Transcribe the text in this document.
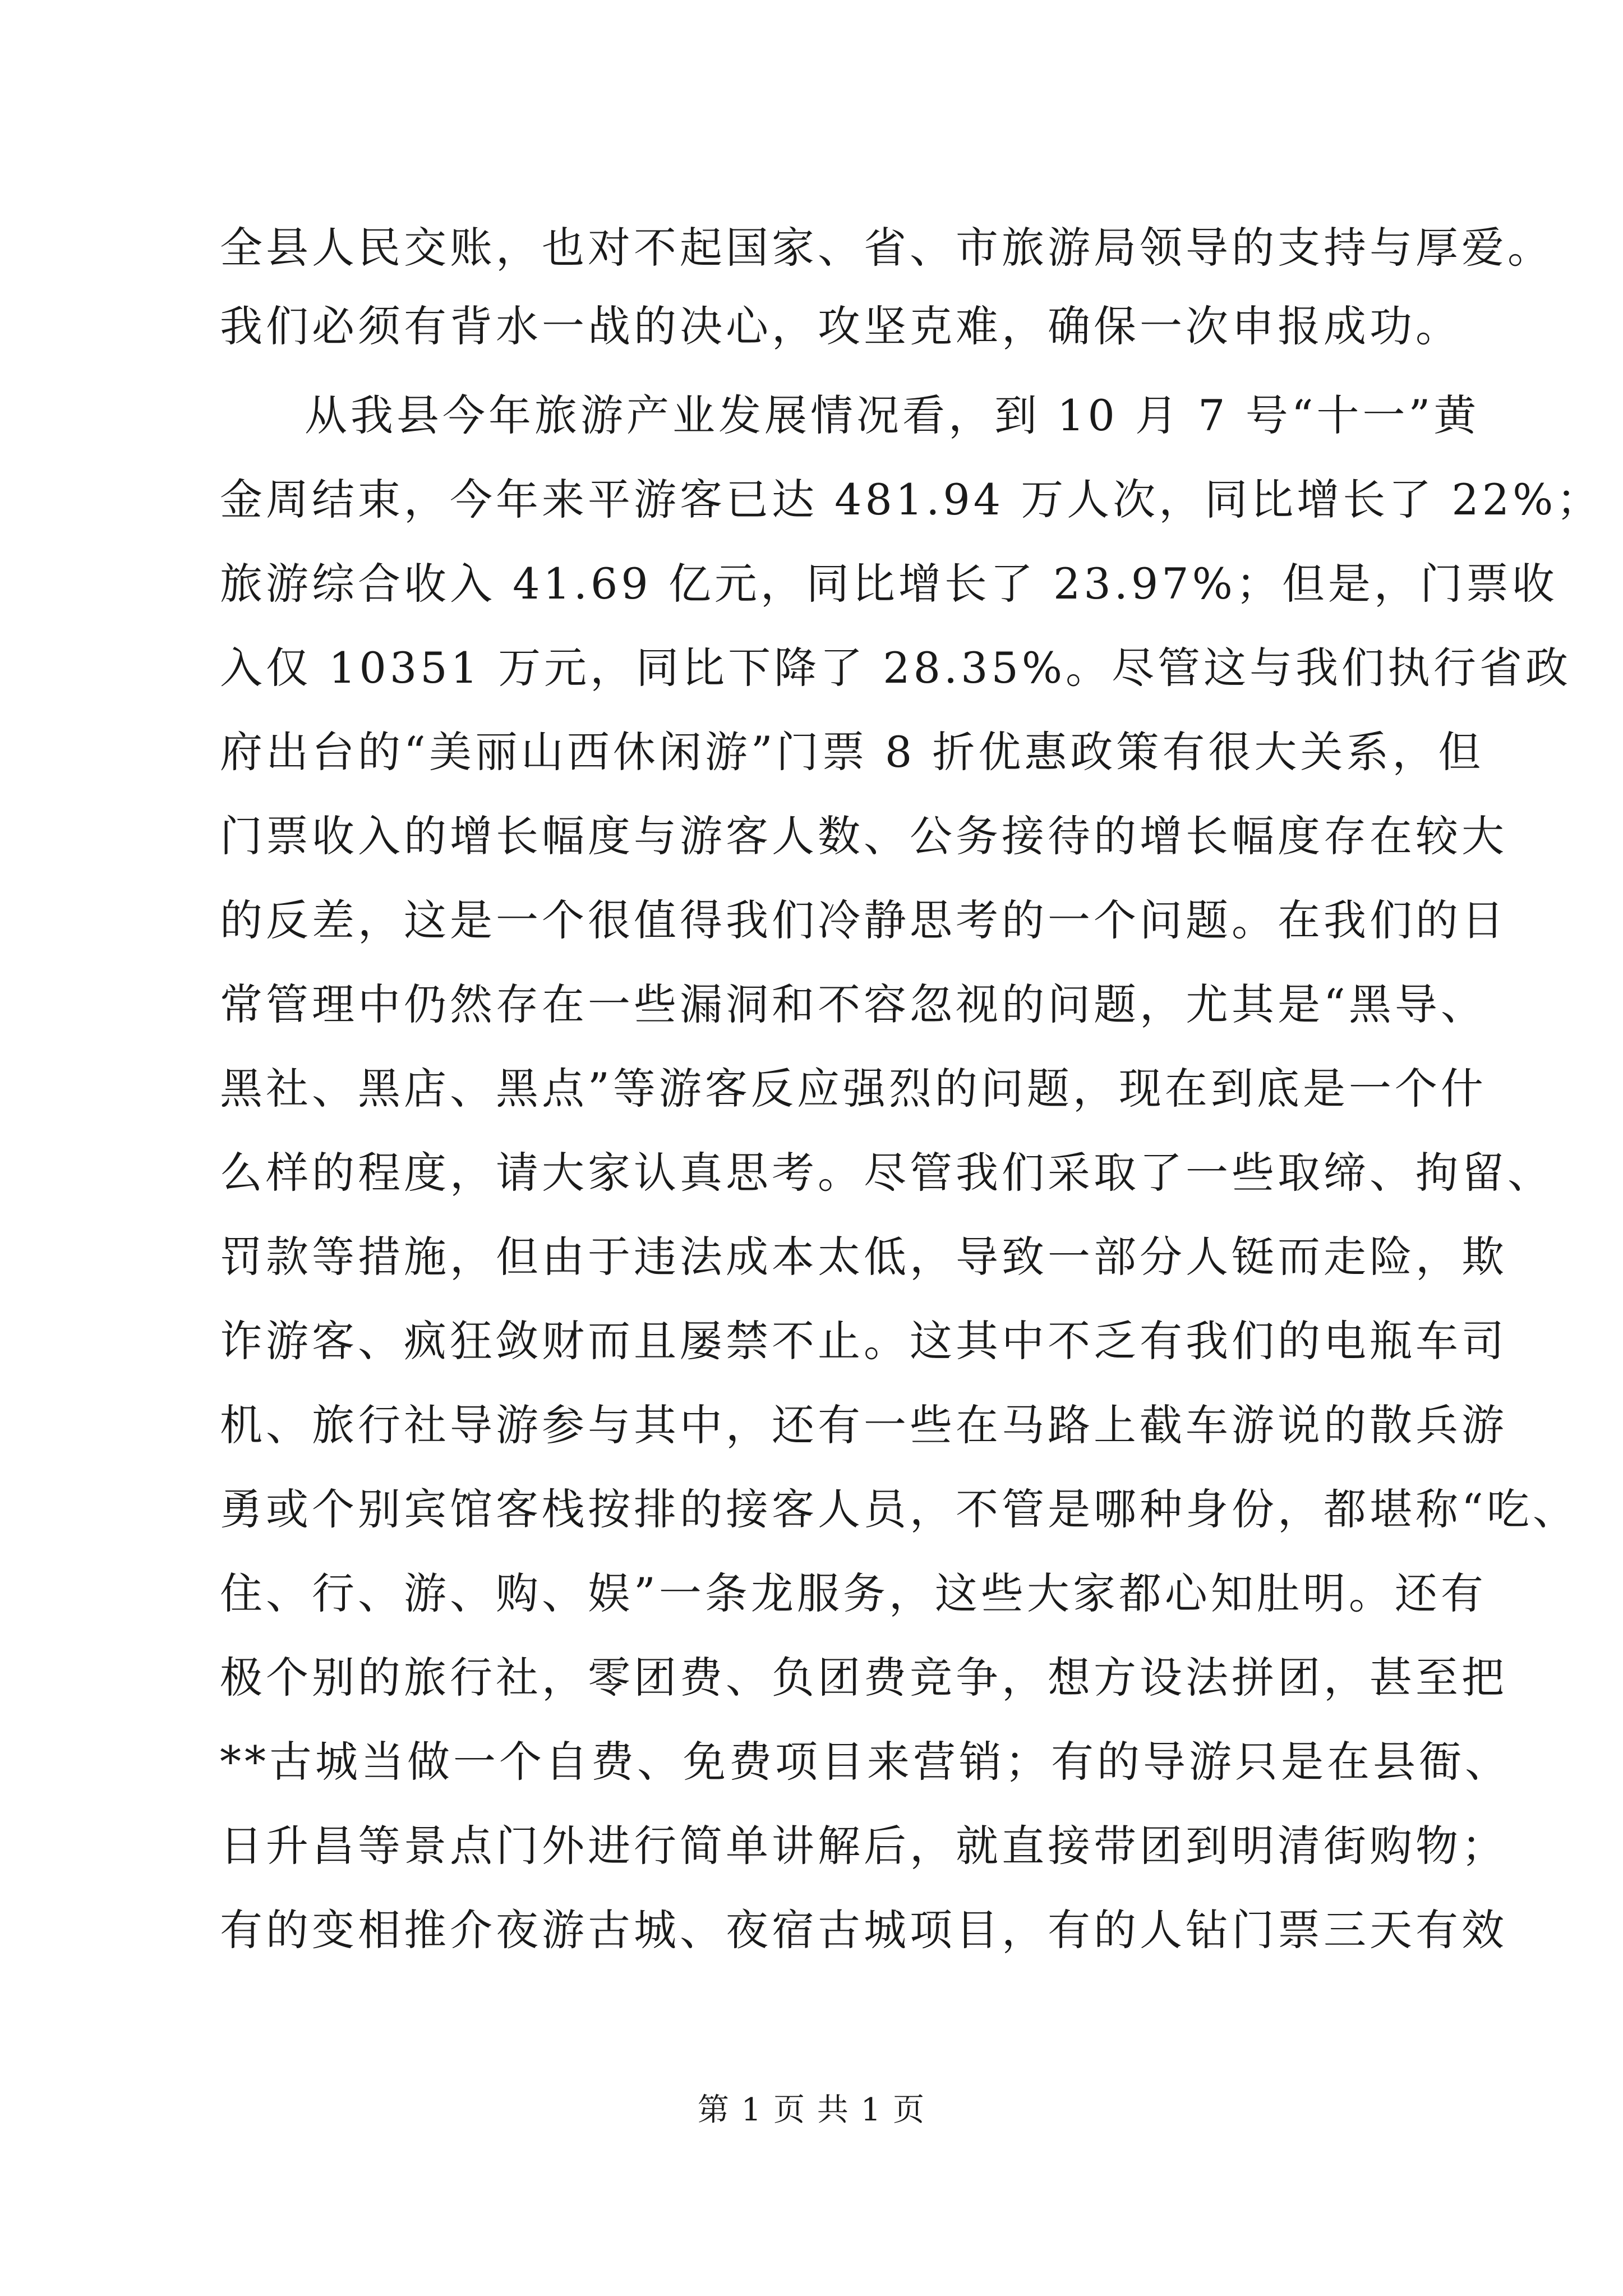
全县人民交账，也对不起国家、省、市旅游局领导的支持与厚爱。
我们必须有背水一战的决心，攻坚克难，确保一次申报成功。
从我县今年旅游产业发展情况看，到 10 月 7 号“十一”黄
金周结束，今年来平游客已达 481.94 万人次，同比增长了 22%；
旅游综合收入 41.69 亿元，同比增长了 23.97%；但是，门票收
入仅 10351 万元，同比下降了 28.35%。尽管这与我们执行省政
府出台的“美丽山西休闲游”门票 8 折优惠政策有很大关系，但
门票收入的增长幅度与游客人数、公务接待的增长幅度存在较大
的反差，这是一个很值得我们冷静思考的一个问题。在我们的日
常管理中仍然存在一些漏洞和不容忽视的问题，尤其是“黑导、
黑社、黑店、黑点”等游客反应强烈的问题，现在到底是一个什
么样的程度，请大家认真思考。尽管我们采取了一些取缔、拘留、
罚款等措施，但由于违法成本太低，导致一部分人铤而走险，欺
诈游客、疯狂敛财而且屡禁不止。这其中不乏有我们的电瓶车司
机、旅行社导游参与其中，还有一些在马路上截车游说的散兵游
勇或个别宾馆客栈按排的接客人员，不管是哪种身份，都堪称“吃、
住、行、游、购、娱”一条龙服务，这些大家都心知肚明。还有
极个别的旅行社，零团费、负团费竞争，想方设法拼团，甚至把
**古城当做一个自费、免费项目来营销；有的导游只是在县衙、
日升昌等景点门外进行简单讲解后，就直接带团到明清街购物；
有的变相推介夜游古城、夜宿古城项目，有的人钻门票三天有效
第 1 页 共 1 页
